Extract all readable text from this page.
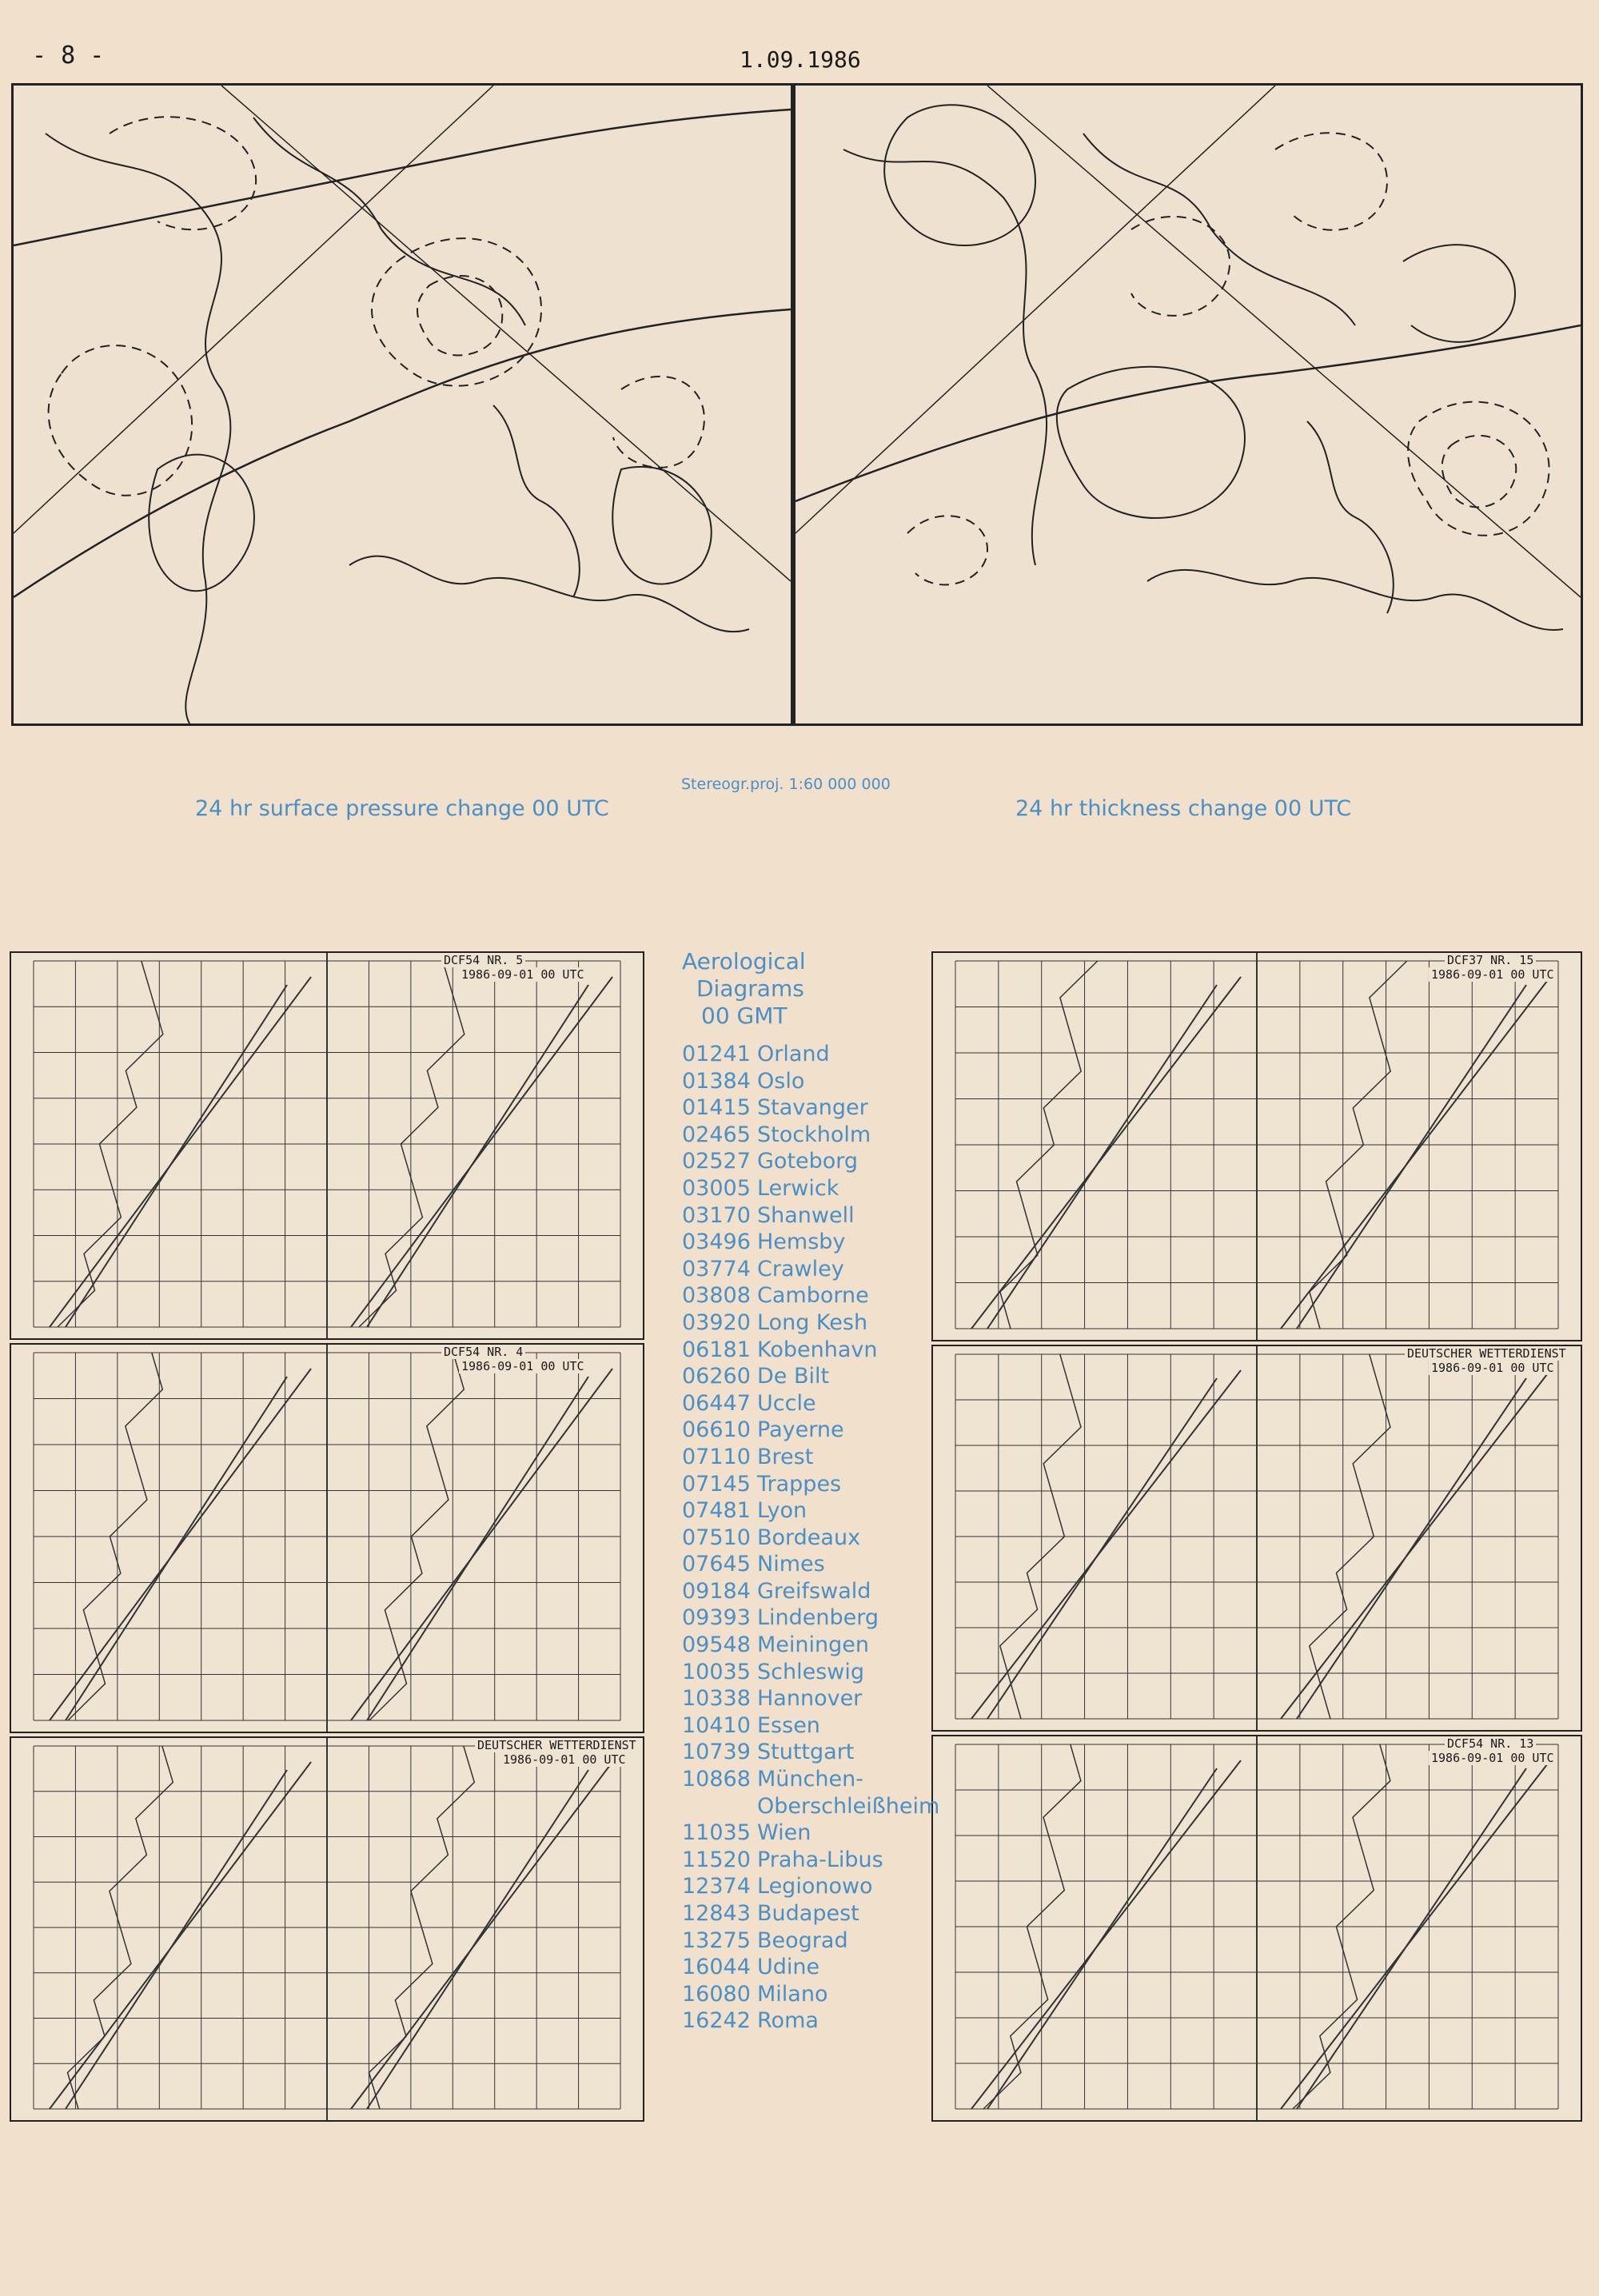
- 8 -	1.09.1986
Stereogr.proj. 1:60 000 000
24 hr surface pressure change 00 UTC	24 hr thickness change 00 UTC
DCF54 NR. 5
1986-09-01 00 UTC
DCF54 NR. 4
1986-09-01 00 UTC
DEUTSCHER WETTERDIENST
1986-09-01 00 UTC
DCF37 NR. 15
1986-09-01 00 UTC
DEUTSCHER WETTERDIENST
1986-09-01 00 UTC
DCF54 NR. 13
1986-09-01 00 UTC
Aerological
Diagrams
00 GMT
01241 Orland
01384 Oslo
01415 Stavanger
02465 Stockholm
02527 Goteborg
03005 Lerwick
03170 Shanwell
03496 Hemsby
03774 Crawley
03808 Camborne
03920 Long Kesh
06181 Kobenhavn
06260 De Bilt
06447 Uccle
06610 Payerne
07110 Brest
07145 Trappes
07481 Lyon
07510 Bordeaux
07645 Nimes
09184 Greifswald
09393 Lindenberg
09548 Meiningen
10035 Schleswig
10338 Hannover
10410 Essen
10739 Stuttgart
10868 München-
Oberschleißheim
11035 Wien
11520 Praha-Libus
12374 Legionowo
12843 Budapest
13275 Beograd
16044 Udine
16080 Milano
16242 Roma
